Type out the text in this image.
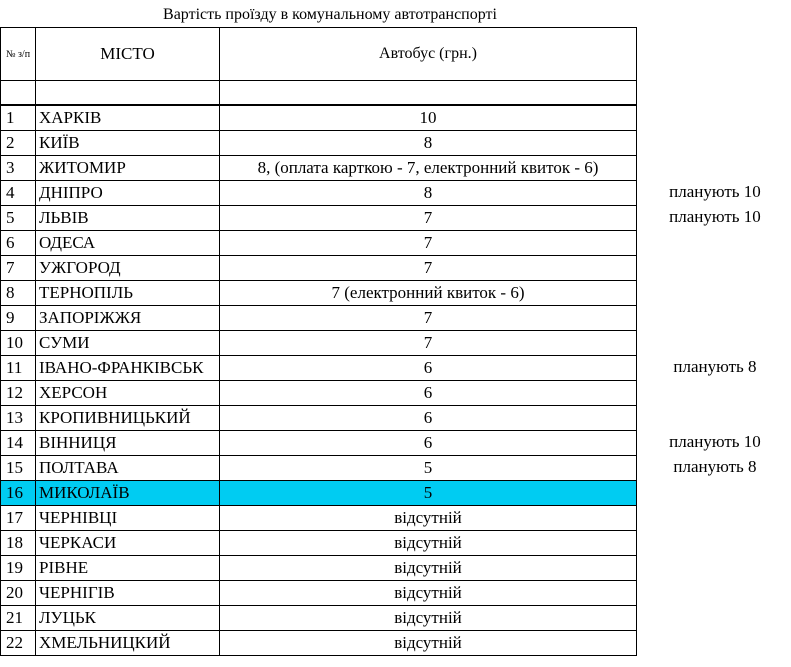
Вартість проїзду в комунальному автотранспорті
№ з/п	МІСТО	Автобус (грн.)
1	ХАРКІВ	10
2	КИЇВ	8
3	ЖИТОМИР	8, (оплата карткою - 7, електронний квиток - 6)
4	ДНІПРО	8	планують 10
5	ЛЬВІВ	7	планують 10
6	ОДЕСА	7
7	УЖГОРОД	7
8	ТЕРНОПІЛЬ	7 (електронний квиток - 6)
9	ЗАПОРІЖЖЯ	7
10 СУМИ	7
11 ІВАНО-ФРАНКІВСЬК	6	планують 8
12 ХЕРСОН	6
13 КРОПИВНИЦЬКИЙ	6
14 ВІННИЦЯ	6	планують 10
15 ПОЛТАВА	5	планують 8
16 МИКОЛАЇВ	5
17 ЧЕРНІВЦІ	відсутній
18 ЧЕРКАСИ	відсутній
19 РІВНЕ	відсутній
20 ЧЕРНІГІВ	відсутній
21 ЛУЦЬК	відсутній
22 ХМЕЛЬНИЦКИЙ	відсутній
